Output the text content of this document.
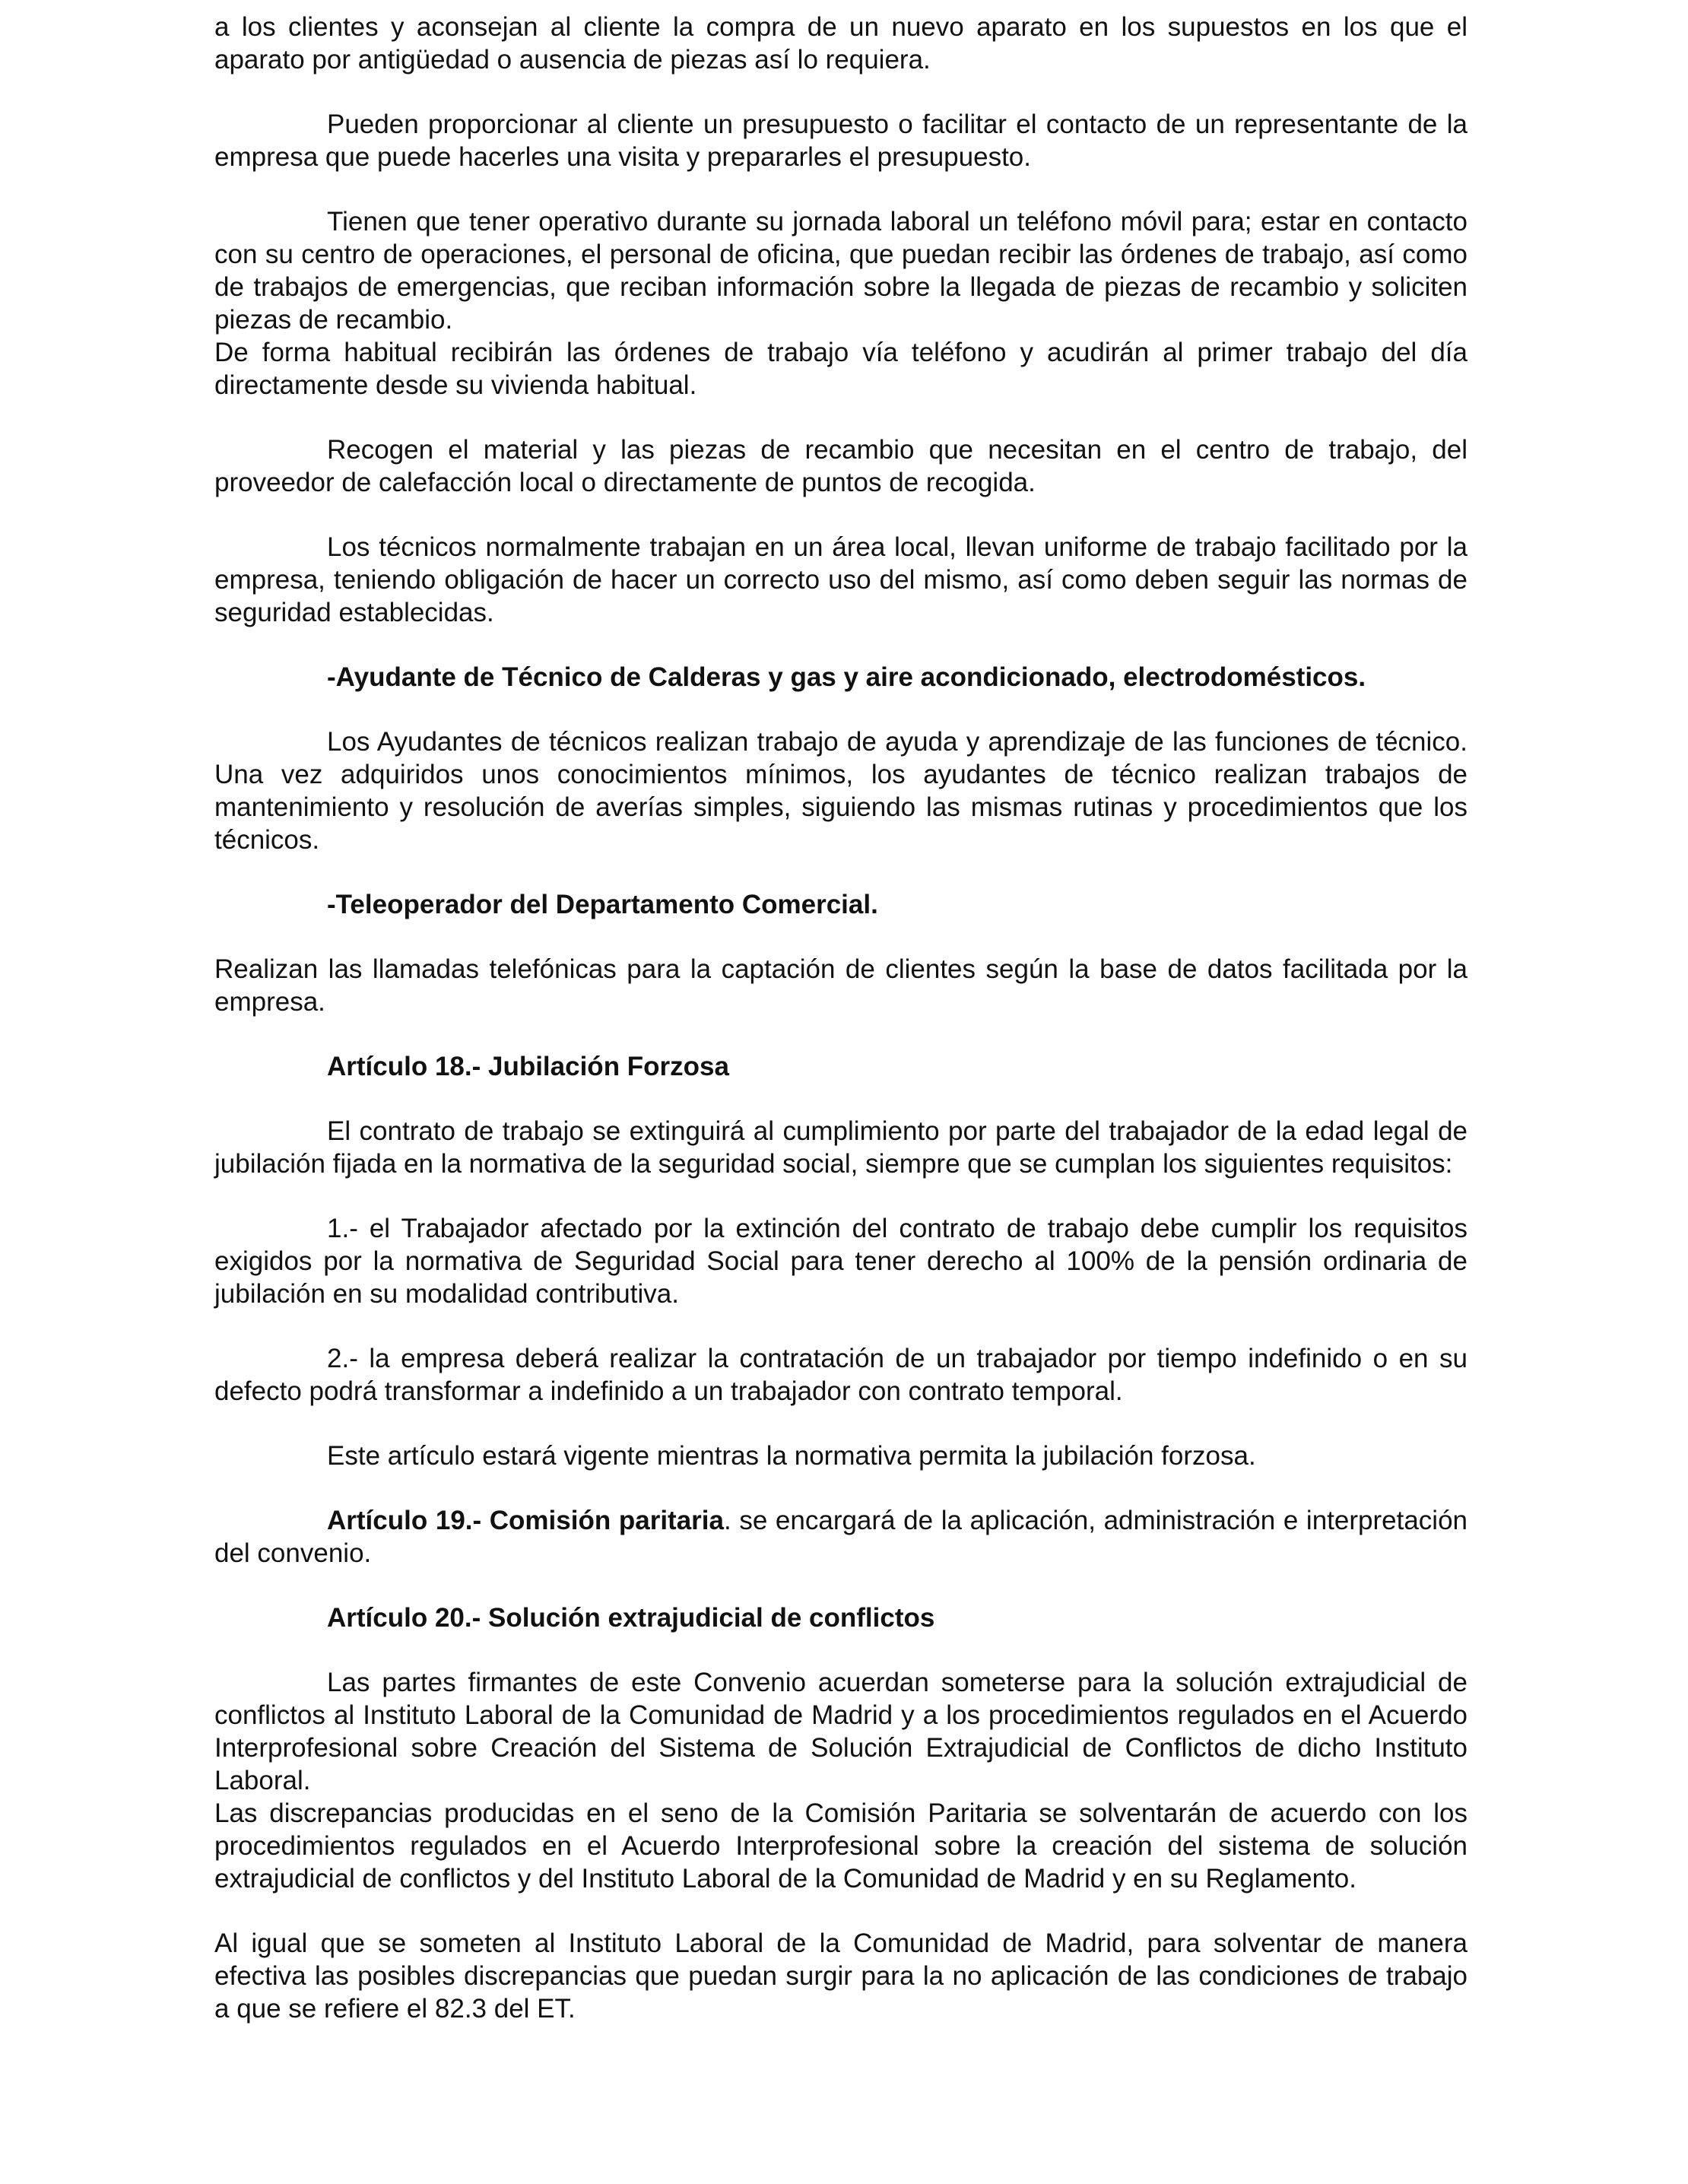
a los clientes y aconsejan al cliente la compra de un nuevo aparato en los supuestos en los que el aparato por antigüedad o ausencia de piezas así lo requiera.

Pueden proporcionar al cliente un presupuesto o facilitar el contacto de un representante de la empresa que puede hacerles una visita y prepararles el presupuesto.

Tienen que tener operativo durante su jornada laboral un teléfono móvil para; estar en contacto con su centro de operaciones, el personal de oficina, que puedan recibir las órdenes de trabajo, así como de trabajos de emergencias, que reciban información sobre la llegada de piezas de recambio y soliciten piezas de recambio.

De forma habitual recibirán las órdenes de trabajo vía teléfono y acudirán al primer trabajo del día directamente desde su vivienda habitual.

Recogen el material y las piezas de recambio que necesitan en el centro de trabajo, del proveedor de calefacción local o directamente de puntos de recogida.

Los técnicos normalmente trabajan en un área local, llevan uniforme de trabajo facilitado por la empresa, teniendo obligación de hacer un correcto uso del mismo, así como deben seguir las normas de seguridad establecidas.

-Ayudante de Técnico de Calderas y gas y aire acondicionado, electrodomésticos.

Los Ayudantes de técnicos realizan trabajo de ayuda y aprendizaje de las funciones de técnico. Una vez adquiridos unos conocimientos mínimos, los ayudantes de técnico realizan trabajos de mantenimiento y resolución de averías simples, siguiendo las mismas rutinas y procedimientos que los técnicos.

-Teleoperador del Departamento Comercial.

Realizan las llamadas telefónicas para la captación de clientes según la base de datos facilitada por la empresa.

Artículo 18.- Jubilación Forzosa

El contrato de trabajo se extinguirá al cumplimiento por parte del trabajador de la edad legal de jubilación fijada en la normativa de la seguridad social, siempre que se cumplan los siguientes requisitos:

1.- el Trabajador afectado por la extinción del contrato de trabajo debe cumplir los requisitos exigidos por la normativa de Seguridad Social para tener derecho al 100% de la pensión ordinaria de jubilación en su modalidad contributiva.

2.- la empresa deberá realizar la contratación de un trabajador por tiempo indefinido o en su defecto podrá transformar a indefinido a un trabajador con contrato temporal.

Este artículo estará vigente mientras la normativa permita la jubilación forzosa.

Artículo 19.- Comisión paritaria. se encargará de la aplicación, administración e interpretación del convenio.

Artículo 20.- Solución extrajudicial de conflictos

Las partes firmantes de este Convenio acuerdan someterse para la solución extrajudicial de conflictos al Instituto Laboral de la Comunidad de Madrid y a los procedimientos regulados en el Acuerdo Interprofesional sobre Creación del Sistema de Solución Extrajudicial de Conflictos de dicho Instituto Laboral.

Las discrepancias producidas en el seno de la Comisión Paritaria se solventarán de acuerdo con los procedimientos regulados en el Acuerdo Interprofesional sobre la creación del sistema de solución extrajudicial de conflictos y del Instituto Laboral de la Comunidad de Madrid y en su Reglamento.

Al igual que se someten al Instituto Laboral de la Comunidad de Madrid, para solventar de manera efectiva las posibles discrepancias que puedan surgir para la no aplicación de las condiciones de trabajo a que se refiere el 82.3 del ET.
